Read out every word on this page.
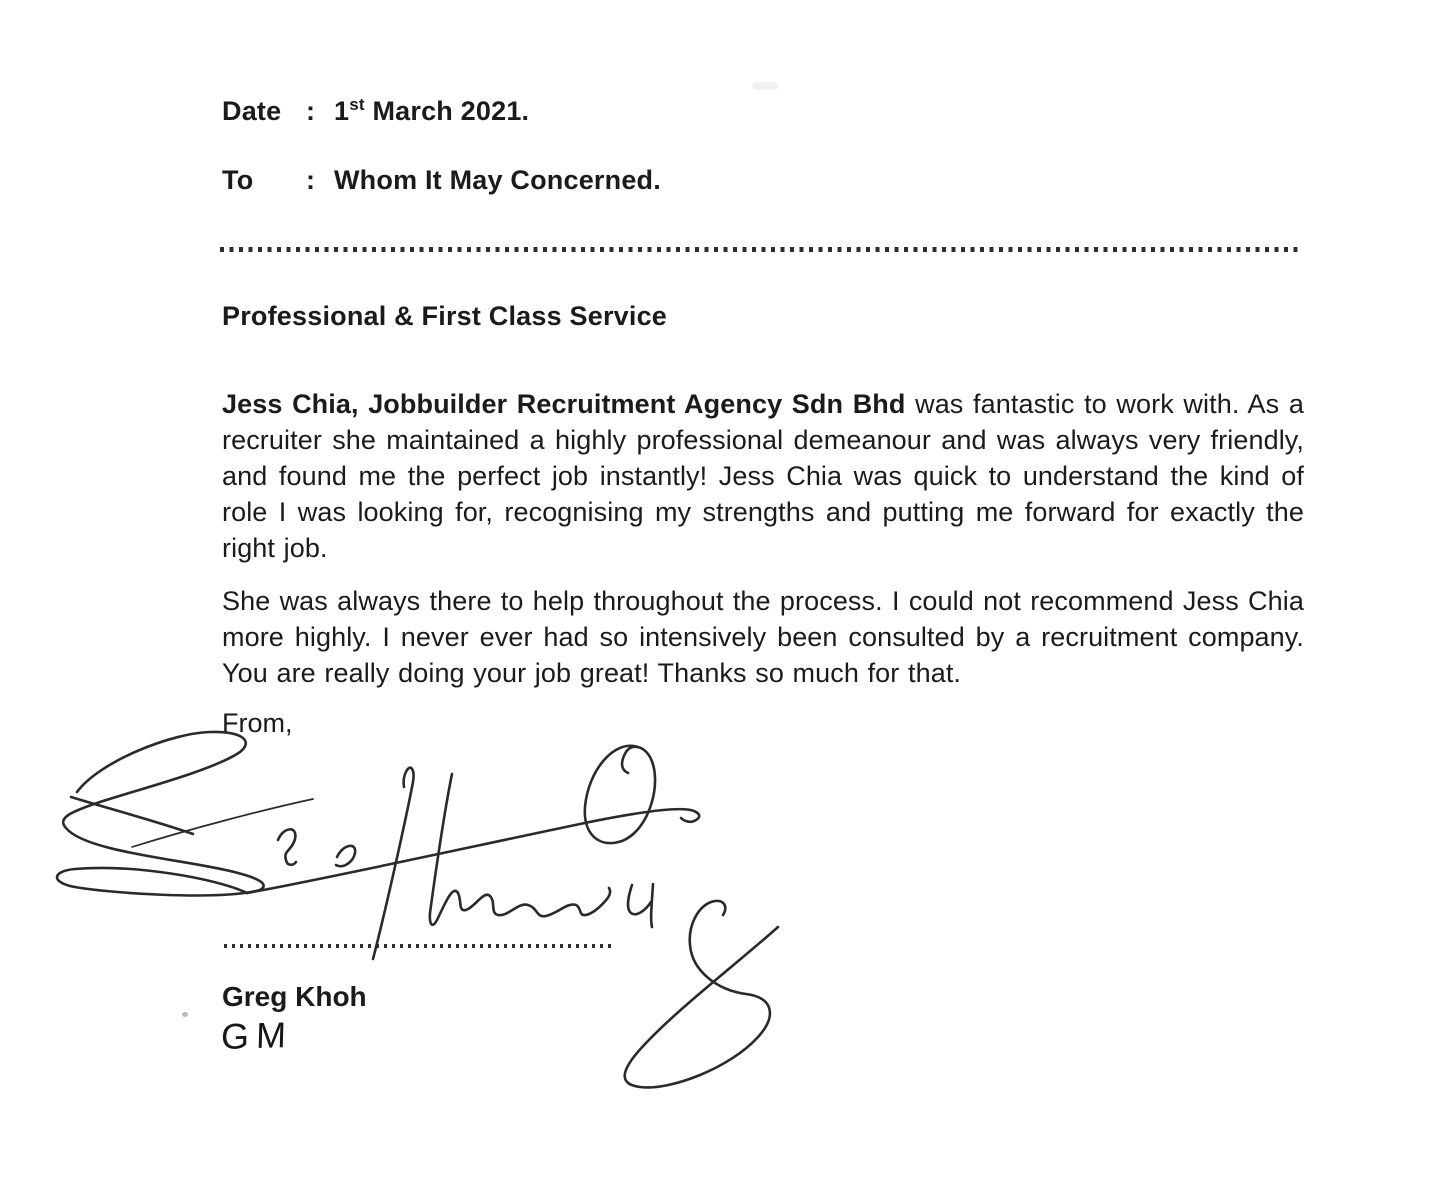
Date : 1st March 2021.
To	: Whom It May Concerned.
Professional & First Class Service

Jess Chia, Jobbuilder Recruitment Agency Sdn Bhd was fantastic to work with. As a recruiter she maintained a highly professional demeanour and was always very friendly, and found me the perfect job instantly! Jess Chia was quick to understand the kind of role I was looking for, recognising my strengths and putting me forward for exactly the right job.

She was always there to help throughout the process. I could not recommend Jess Chia more highly. I never ever had so intensively been consulted by a recruitment company. You are really doing your job great! Thanks so much for that.

From,
Greg Khoh
GM
